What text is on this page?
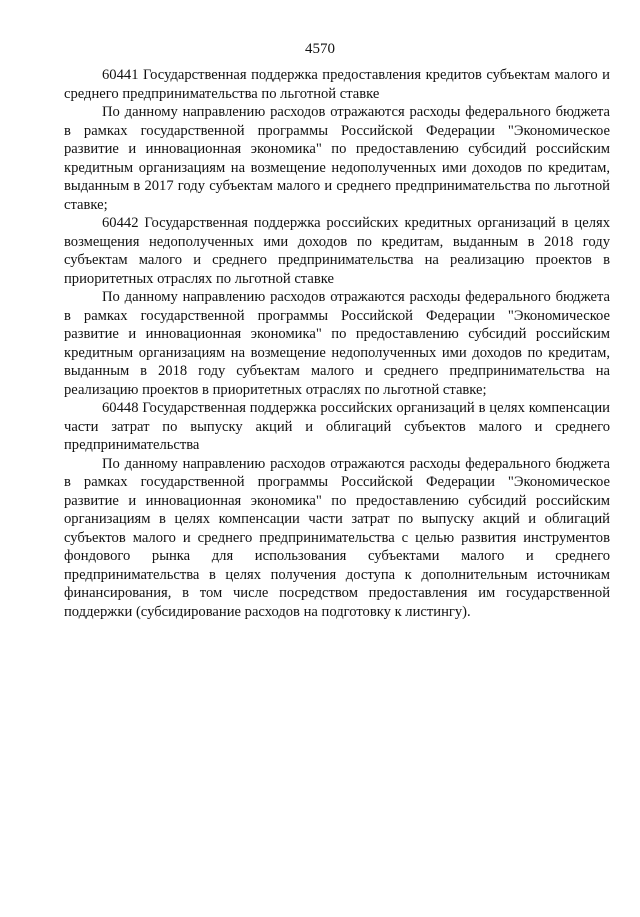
4570

60441 Государственная поддержка предоставления кредитов субъектам малого и среднего предпринимательства по льготной ставке

По данному направлению расходов отражаются расходы федерального бюджета в рамках государственной программы Российской Федерации "Экономическое развитие и инновационная экономика" по предоставлению субсидий российским кредитным организациям на возмещение недополученных ими доходов по кредитам, выданным в 2017 году субъектам малого и среднего предпринимательства по льготной ставке;

60442 Государственная поддержка российских кредитных организаций в целях возмещения недополученных ими доходов по кредитам, выданным в 2018 году субъектам малого и среднего предпринимательства на реализацию проектов в приоритетных отраслях по льготной ставке

По данному направлению расходов отражаются расходы федерального бюджета в рамках государственной программы Российской Федерации "Экономическое развитие и инновационная экономика" по предоставлению субсидий российским кредитным организациям на возмещение недополученных ими доходов по кредитам, выданным в 2018 году субъектам малого и среднего предпринимательства на реализацию проектов в приоритетных отраслях по льготной ставке;

60448 Государственная поддержка российских организаций в целях компенсации части затрат по выпуску акций и облигаций субъектов малого и среднего предпринимательства

По данному направлению расходов отражаются расходы федерального бюджета в рамках государственной программы Российской Федерации "Экономическое развитие и инновационная экономика" по предоставлению субсидий российским организациям в целях компенсации части затрат по выпуску акций и облигаций субъектов малого и среднего предпринимательства с целью развития инструментов фондового рынка для использования субъектами малого и среднего предпринимательства в целях получения доступа к дополнительным источникам финансирования, в том числе посредством предоставления им государственной поддержки (субсидирование расходов на подготовку к листингу).
